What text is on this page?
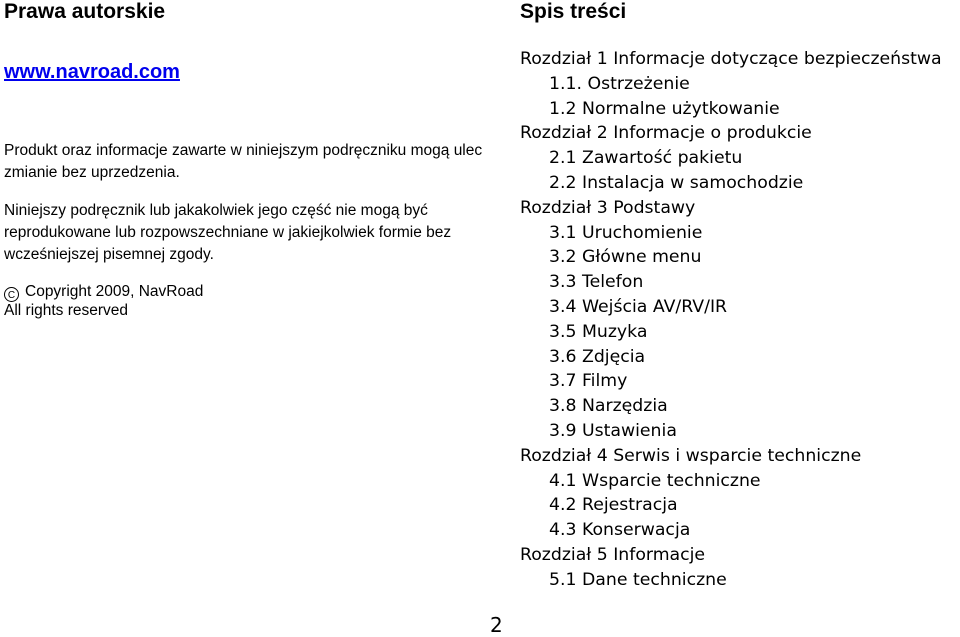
Prawa autorskie
www.navroad.com

Produkt oraz informacje zawarte w niniejszym podręczniku mogą ulec zmianie bez uprzedzenia.

Niniejszy podręcznik lub jakakolwiek jego część nie mogą być reprodukowane lub rozpowszechniane w jakiejkolwiek formie bez wcześniejszej pisemnej zgody.

C Copyright 2009, NavRoad
All rights reserved
Spis treści
Rozdział 1 Informacje dotyczące bezpieczeństwa
1.1. Ostrzeżenie
1.2 Normalne użytkowanie
Rozdział 2 Informacje o produkcie
2.1 Zawartość pakietu
2.2 Instalacja w samochodzie
Rozdział 3 Podstawy
3.1 Uruchomienie
3.2 Główne menu
3.3 Telefon
3.4 Wejścia AV/RV/IR
3.5 Muzyka
3.6 Zdjęcia
3.7 Filmy
3.8 Narzędzia
3.9 Ustawienia
Rozdział 4 Serwis i wsparcie techniczne
4.1 Wsparcie techniczne
4.2 Rejestracja
4.3 Konserwacja
Rozdział 5 Informacje
5.1 Dane techniczne
2
